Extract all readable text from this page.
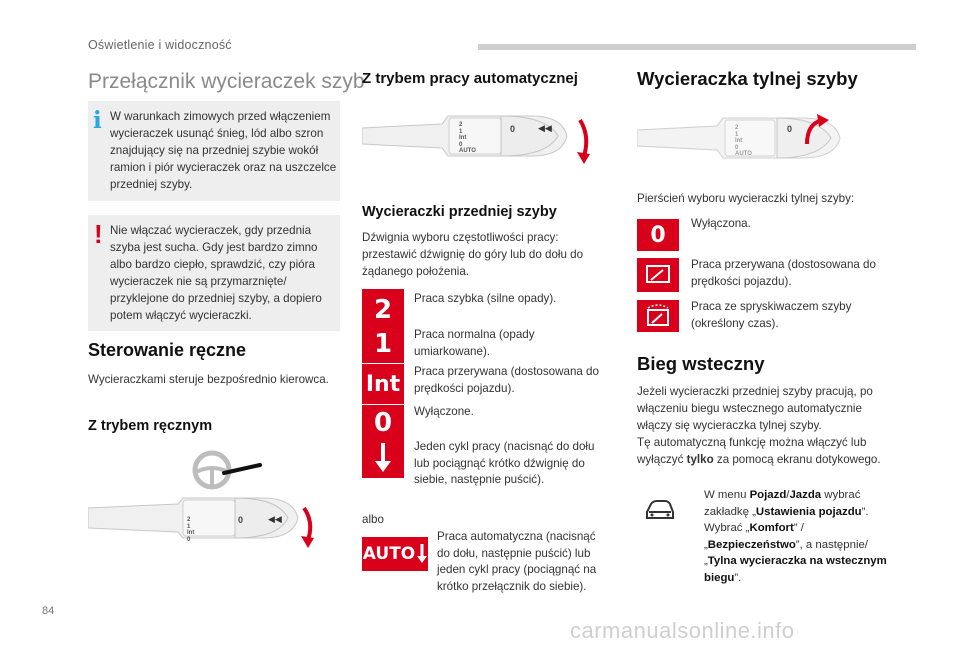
Oświetlenie i widoczność
Przełącznik wycieraczek szyb
i W warunkach zimowych przed włączeniem wycieraczek usunąć śnieg, lód albo szron znajdujący się na przedniej szybie wokół ramion i piór wycieraczek oraz na uszczelce przedniej szyby.
! Nie włączać wycieraczek, gdy przednia szyba jest sucha. Gdy jest bardzo zimno albo bardzo ciepło, sprawdzić, czy pióra wycieraczek nie są przymarznięte/ przyklejone do przedniej szyby, a dopiero potem włączyć wycieraczki.
Sterowanie ręczne
Wycieraczkami steruje bezpośrednio kierowca.
Z trybem ręcznym
2
1
Int
0
0	◀◀
Z trybem pracy automatycznej
2
1
Int
0
AUTO
0	◀◀
Wycieraczki przedniej szyby
Dźwignia wyboru częstotliwości pracy: przestawić dźwignię do góry lub do dołu do żądanego położenia.
2	Praca szybka (silne opady).
1	Praca normalna (opady umiarkowane).
Int	Praca przerywana (dostosowana do prędkości pojazdu).
0	Wyłączone.
Jeden cykl pracy (nacisnąć do dołu lub pociągnąć krótko dźwignię do siebie, następnie puścić).
albo
AUTO
Praca automatyczna (nacisnąć do dołu, następnie puścić) lub jeden cykl pracy (pociągnąć na krótko przełącznik do siebie).
Wycieraczka tylnej szyby
2
1
Int
0
AUTO
0
Pierścień wyboru wycieraczki tylnej szyby:
0	Wyłączona.
Praca przerywana (dostosowana do prędkości pojazdu).
Praca ze spryskiwaczem szyby (określony czas).
Bieg wsteczny
Jeżeli wycieraczki przedniej szyby pracują, po włączeniu biegu wstecznego automatycznie włączy się wycieraczka tylnej szyby.
Tę automatyczną funkcję można włączyć lub wyłączyć tylko za pomocą ekranu dotykowego.
W menu Pojazd/Jazda wybrać zakładkę „Ustawienia pojazdu”.
Wybrać „Komfort” / „Bezpieczeństwo”, a następnie/ „Tylna wycieraczka na wstecznym biegu”.
84
carmanualsonline.info
